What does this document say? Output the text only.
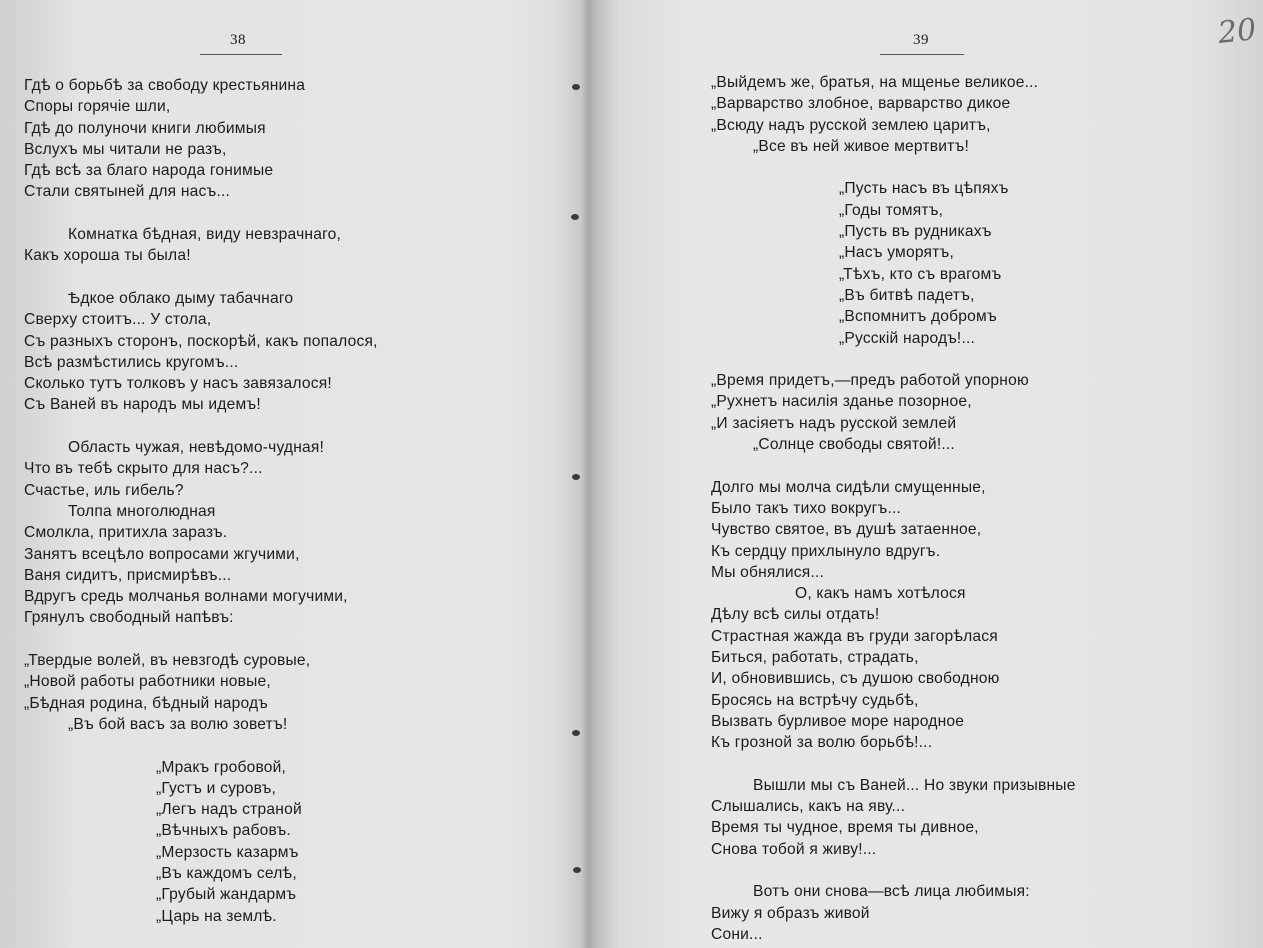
38
Гдѣ о борьбѣ за свободу крестьянина
Споры горячіе шли,
Гдѣ до полуночи книги любимыя
Вслухъ мы читали не разъ,
Гдѣ всѣ за благо народа гонимые
Стали святыней для насъ...
Комнатка бѣдная, виду невзрачнаго,
Какъ хороша ты была!
Ѣдкое облако дыму табачнаго
Сверху стоитъ... У стола,
Съ разныхъ сторонъ, поскорѣй, какъ попалося,
Всѣ размѣстились кругомъ...
Сколько тутъ толковъ у насъ завязалося!
Съ Ваней въ народъ мы идемъ!
Область чужая, невѣдомо-чудная!
Что въ тебѣ скрыто для насъ?...
Счастье, иль гибель?
Толпа многолюдная
Смолкла, притихла заразъ.
Занятъ всецѣло вопросами жгучими,
Ваня сидитъ, присмирѣвъ...
Вдругъ средь молчанья волнами могучими,
Грянулъ свободный напѣвъ:
„Твердые волей, въ невзгодѣ суровые,
„Новой работы работники новые,
„Бѣдная родина, бѣдный народъ
„Въ бой васъ за волю зоветъ!
„Мракъ гробовой,
„Густъ и суровъ,
„Легъ надъ страной
„Вѣчныхъ рабовъ.
„Мерзость казармъ
„Въ каждомъ селѣ,
„Грубый жандармъ
„Царь на землѣ.
39
„Выйдемъ же, братья, на мщенье великое...
„Варварство злобное, варварство дикое
„Всюду надъ русской землею царитъ,
„Все въ ней живое мертвитъ!
„Пусть насъ въ цѣпяхъ
„Годы томятъ,
„Пусть въ рудникахъ
„Насъ уморятъ,
„Тѣхъ, кто съ врагомъ
„Въ битвѣ падетъ,
„Вспомнитъ добромъ
„Русскій народъ!...
„Время придетъ,—предъ работой упорною
„Рухнетъ насилія зданье позорное,
„И засіяетъ надъ русской землей
„Солнце свободы святой!...
Долго мы молча сидѣли смущенные,
Было такъ тихо вокругъ...
Чувство святое, въ душѣ затаенное,
Къ сердцу прихлынуло вдругъ.
Мы обнялися...
О, какъ намъ хотѣлося
Дѣлу всѣ силы отдать!
Страстная жажда въ груди загорѣлася
Биться, работать, страдать,
И, обновившись, съ душою свободною
Бросясь на встрѣчу судьбѣ,
Вызвать бурливое море народное
Къ грозной за волю борьбѣ!...
Вышли мы съ Ваней... Но звуки призывные
Слышались, какъ на яву...
Время ты чудное, время ты дивное,
Снова тобой я живу!...
Вотъ они снова—всѣ лица любимыя:
Вижу я образъ живой
Сони...
20
